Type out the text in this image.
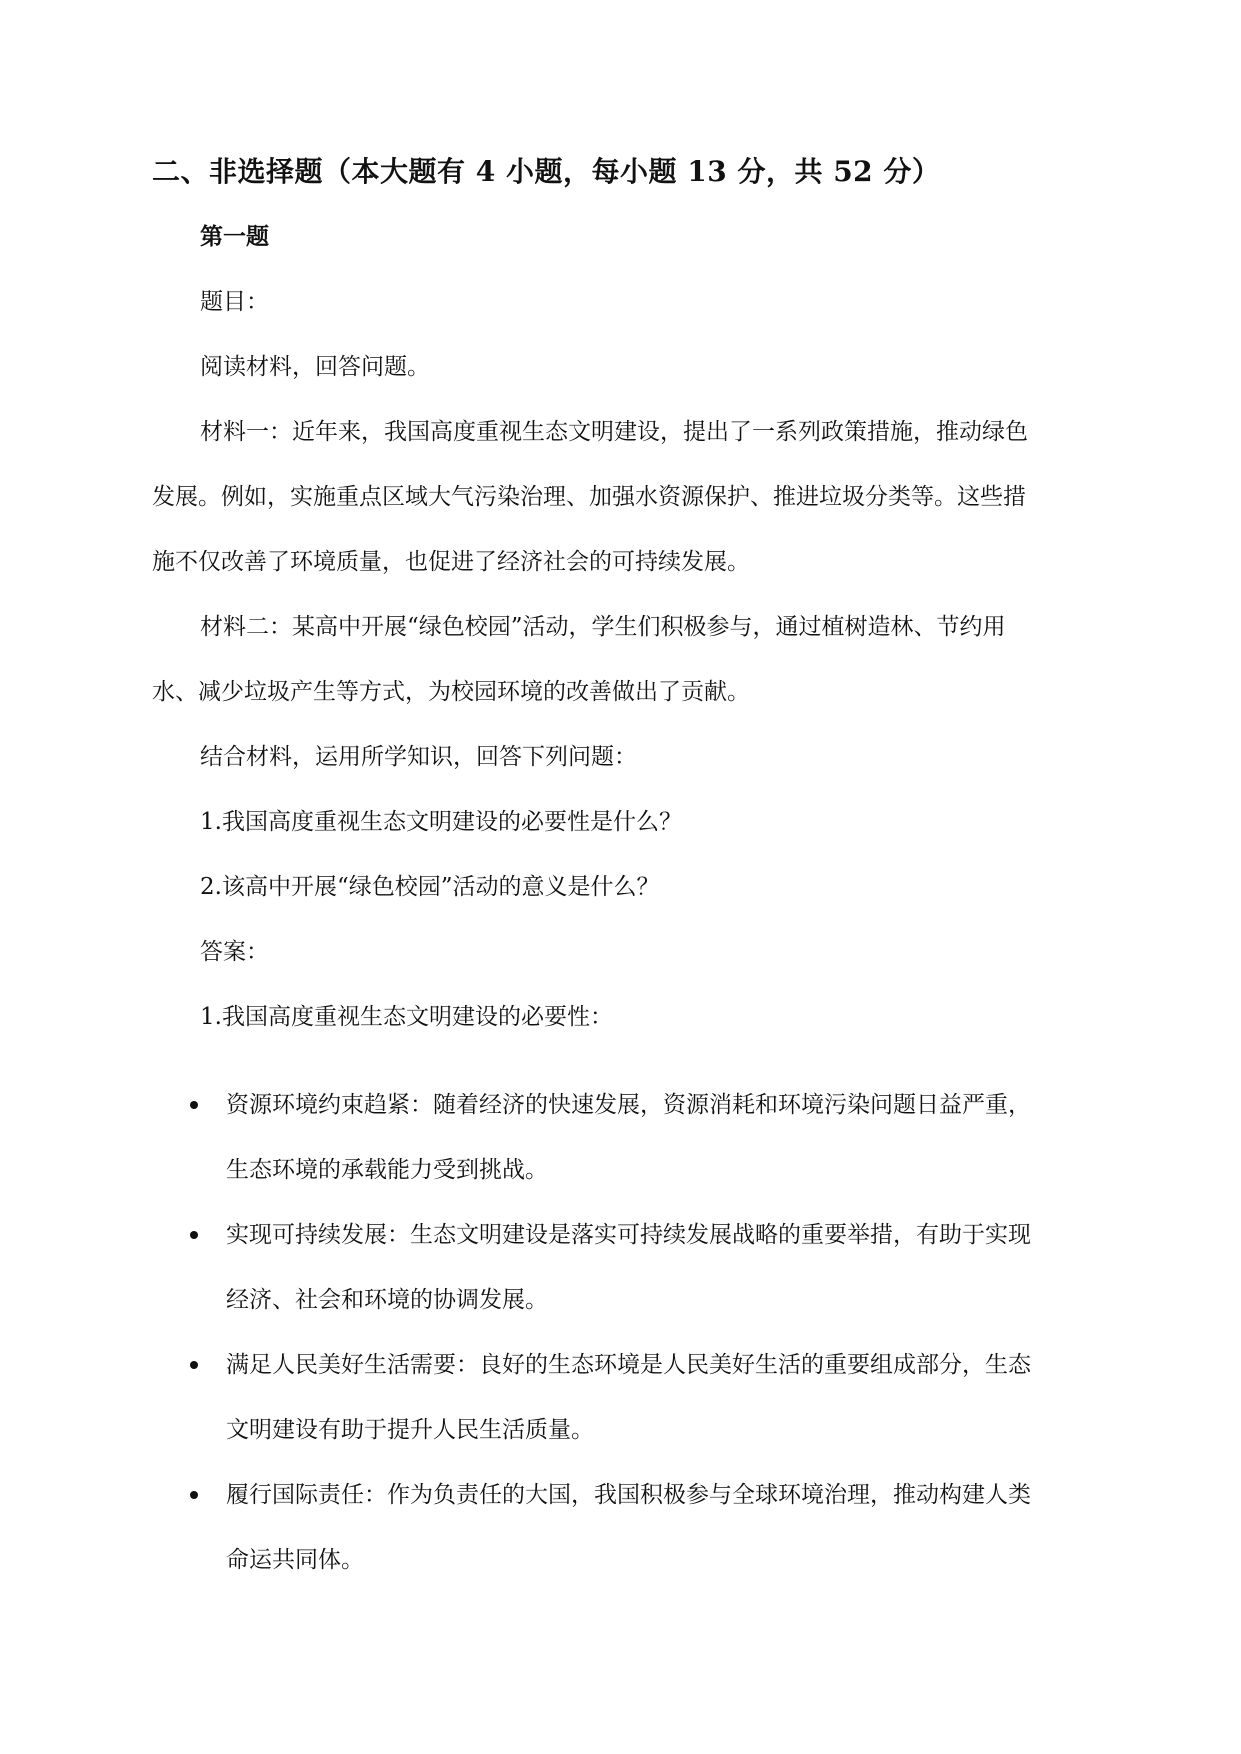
二、非选择题（本大题有 4 小题，每小题 13 分，共 52 分）
第一题
题目：
阅读材料，回答问题。
材料一：近年来，我国高度重视生态文明建设，提出了一系列政策措施，推动绿色
发展。例如，实施重点区域大气污染治理、加强水资源保护、推进垃圾分类等。这些措
施不仅改善了环境质量，也促进了经济社会的可持续发展。
材料二：某高中开展“绿色校园”活动，学生们积极参与，通过植树造林、节约用
水、减少垃圾产生等方式，为校园环境的改善做出了贡献。
结合材料，运用所学知识，回答下列问题：
1.我国高度重视生态文明建设的必要性是什么？
2.该高中开展“绿色校园”活动的意义是什么？
答案：
1.我国高度重视生态文明建设的必要性：
资源环境约束趋紧：随着经济的快速发展，资源消耗和环境污染问题日益严重，
生态环境的承载能力受到挑战。
实现可持续发展：生态文明建设是落实可持续发展战略的重要举措，有助于实现
经济、社会和环境的协调发展。
满足人民美好生活需要：良好的生态环境是人民美好生活的重要组成部分，生态
文明建设有助于提升人民生活质量。
履行国际责任：作为负责任的大国，我国积极参与全球环境治理，推动构建人类
命运共同体。
